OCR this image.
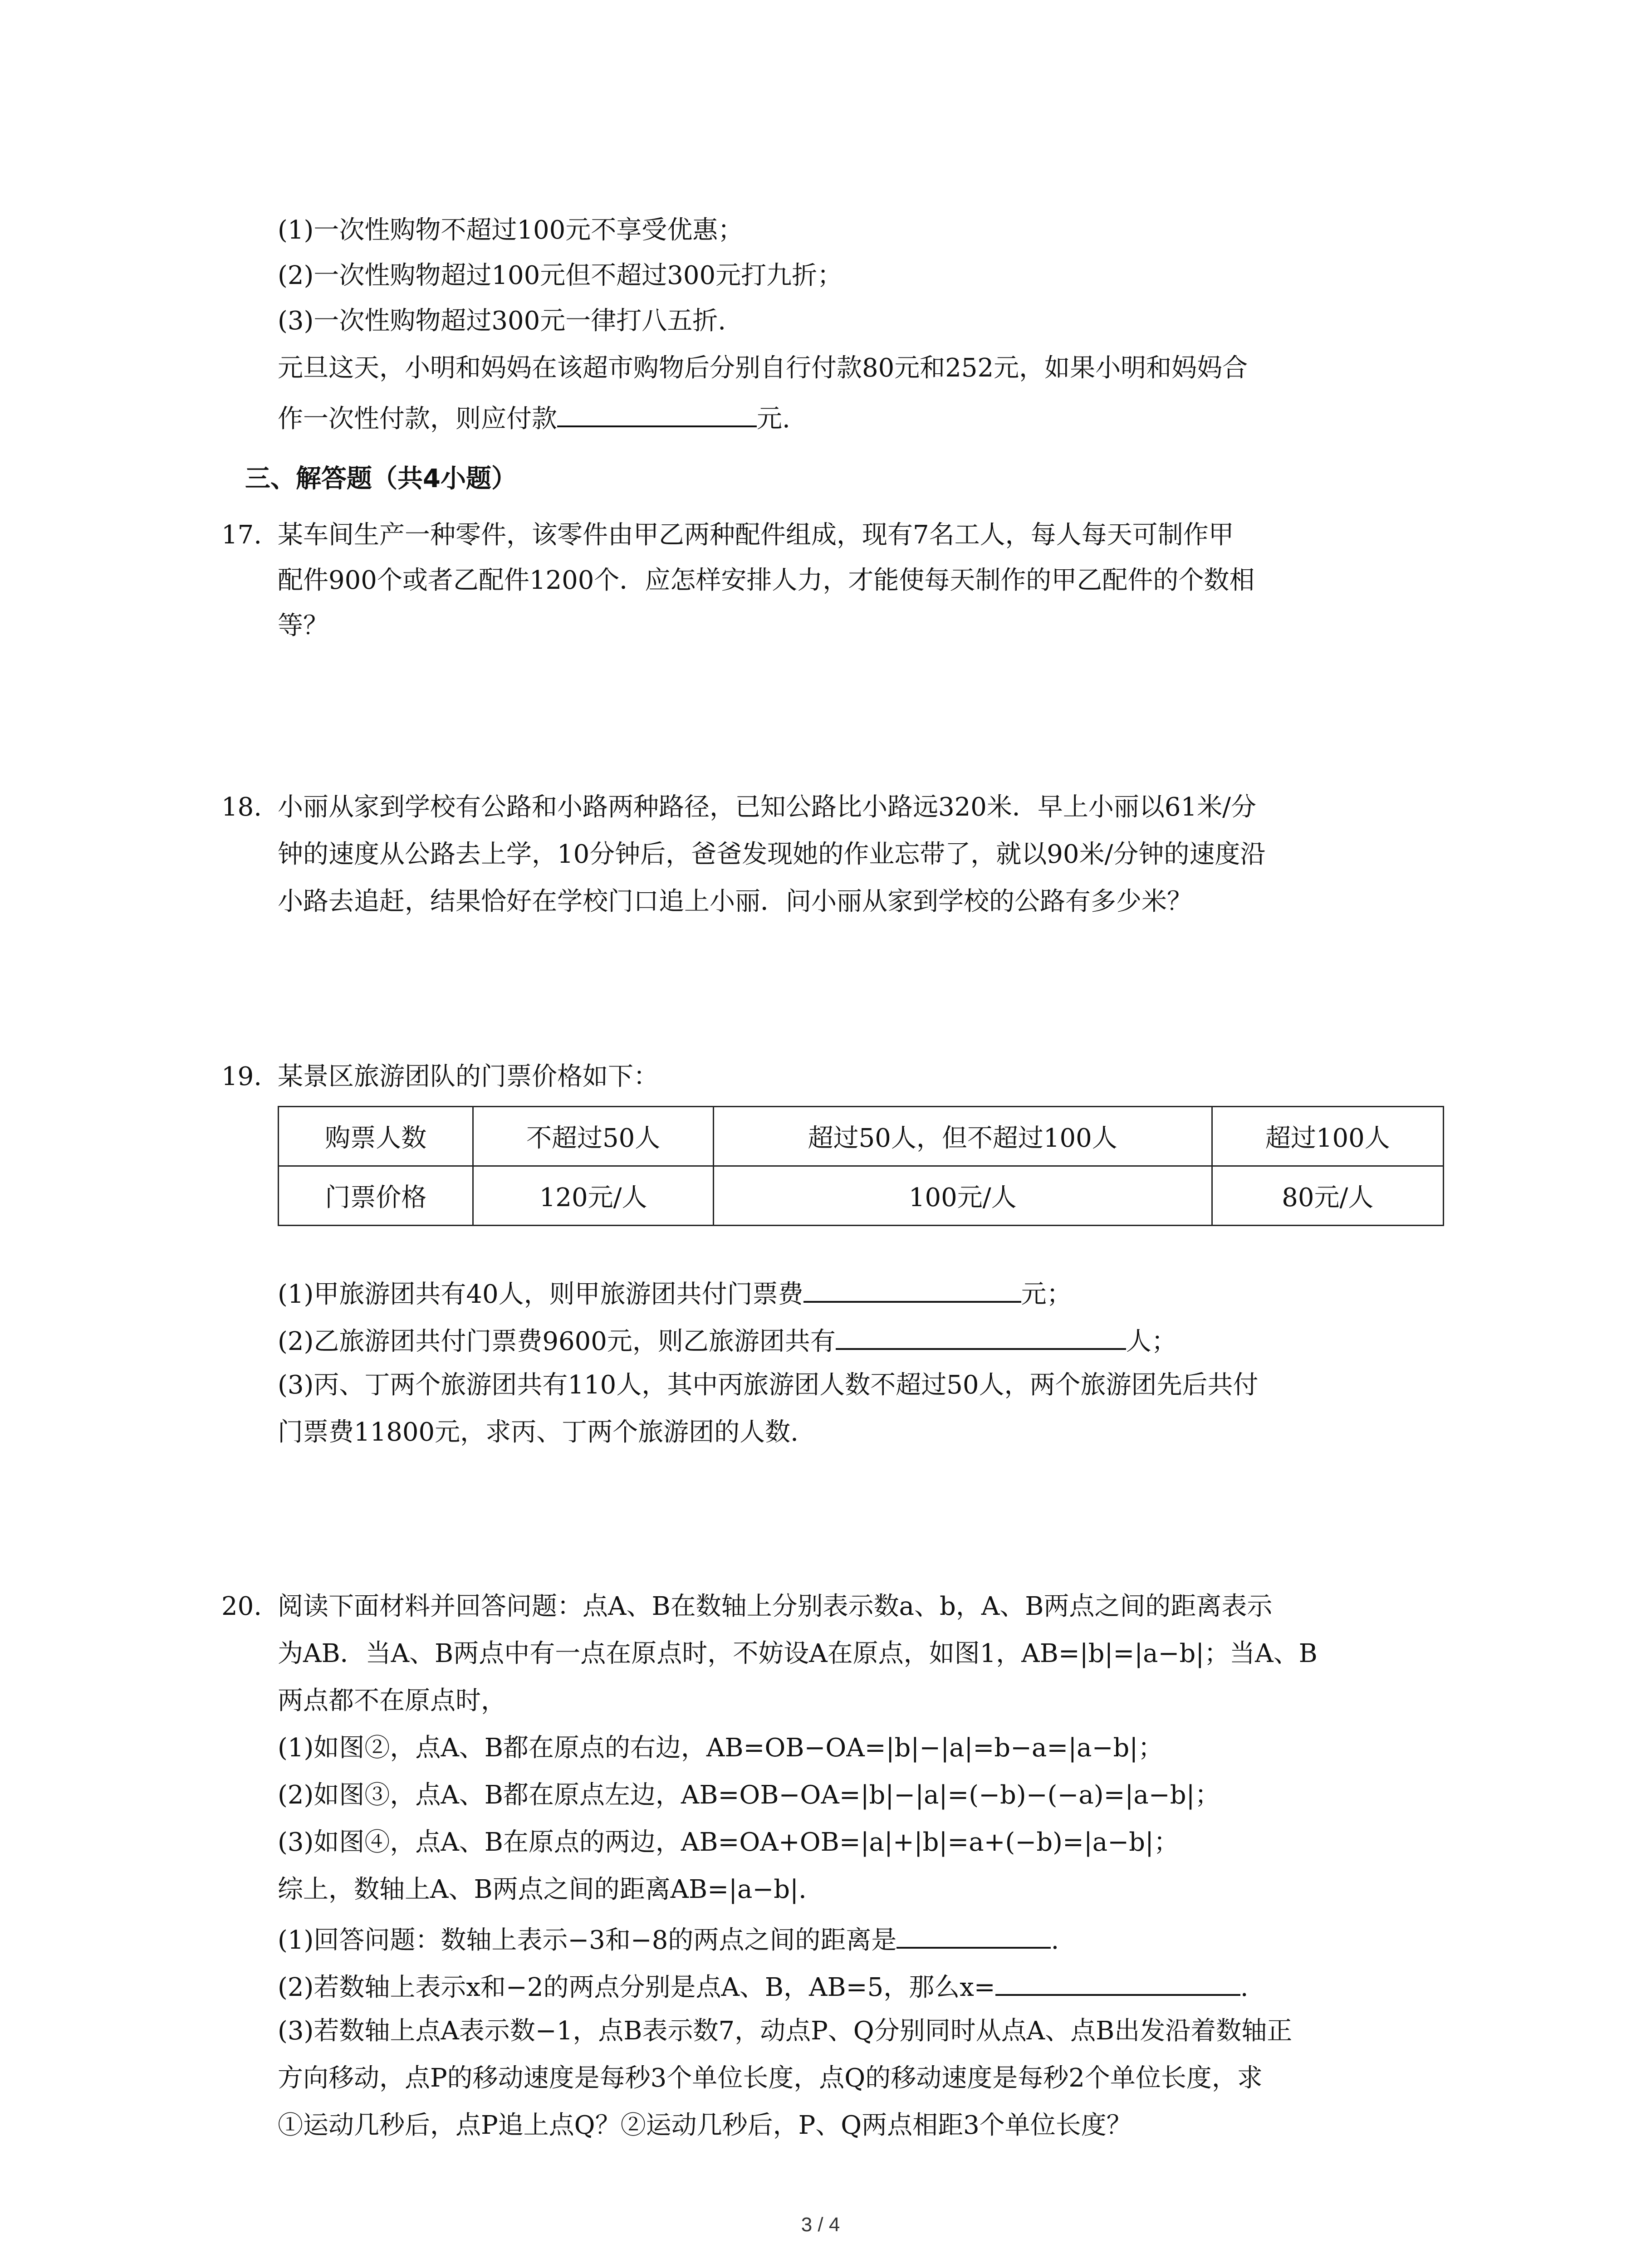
(1)一次性购物不超过100元不享受优惠；
(2)一次性购物超过100元但不超过300元打九折；
(3)一次性购物超过300元一律打八五折.
元旦这天，小明和妈妈在该超市购物后分别自行付款80元和252元，如果小明和妈妈合
作一次性付款，则应付款	元.
三、解答题（共4小题）
17. 某车间生产一种零件，该零件由甲乙两种配件组成，现有7名工人，每人每天可制作甲
配件900个或者乙配件1200个．应怎样安排人力，才能使每天制作的甲乙配件的个数相
等？
18. 小丽从家到学校有公路和小路两种路径，已知公路比小路远320米．早上小丽以61米/分
钟的速度从公路去上学，10分钟后，爸爸发现她的作业忘带了，就以90米/分钟的速度沿
小路去追赶，结果恰好在学校门口追上小丽．问小丽从家到学校的公路有多少米？
19. 某景区旅游团队的门票价格如下：
购票人数	不超过50人	超过50人，但不超过100人	超过100人
门票价格	120元/人	100元/人	80元/人
(1)甲旅游团共有40人，则甲旅游团共付门票费	元；
(2)乙旅游团共付门票费9600元，则乙旅游团共有	人；
(3)丙、丁两个旅游团共有110人，其中丙旅游团人数不超过50人，两个旅游团先后共付
门票费11800元，求丙、丁两个旅游团的人数.
20. 阅读下面材料并回答问题：点A、B在数轴上分别表示数a、b，A、B两点之间的距离表示
为AB．当A、B两点中有一点在原点时，不妨设A在原点，如图1，AB=|b|=|a−b|；当A、B
两点都不在原点时，
(1)如图②，点A、B都在原点的右边，AB=OB−OA=|b|−|a|=b−a=|a−b|；
(2)如图③，点A、B都在原点左边，AB=OB−OA=|b|−|a|=(−b)−(−a)=|a−b|；
(3)如图④，点A、B在原点的两边，AB=OA+OB=|a|+|b|=a+(−b)=|a−b|；
综上，数轴上A、B两点之间的距离AB=|a−b|.
(1)回答问题：数轴上表示−3和−8的两点之间的距离是	.
(2)若数轴上表示x和−2的两点分别是点A、B，AB=5，那么x=	.
(3)若数轴上点A表示数−1，点B表示数7，动点P、Q分别同时从点A、点B出发沿着数轴正
方向移动，点P的移动速度是每秒3个单位长度，点Q的移动速度是每秒2个单位长度，求
①运动几秒后，点P追上点Q？②运动几秒后，P、Q两点相距3个单位长度？
3 / 4
